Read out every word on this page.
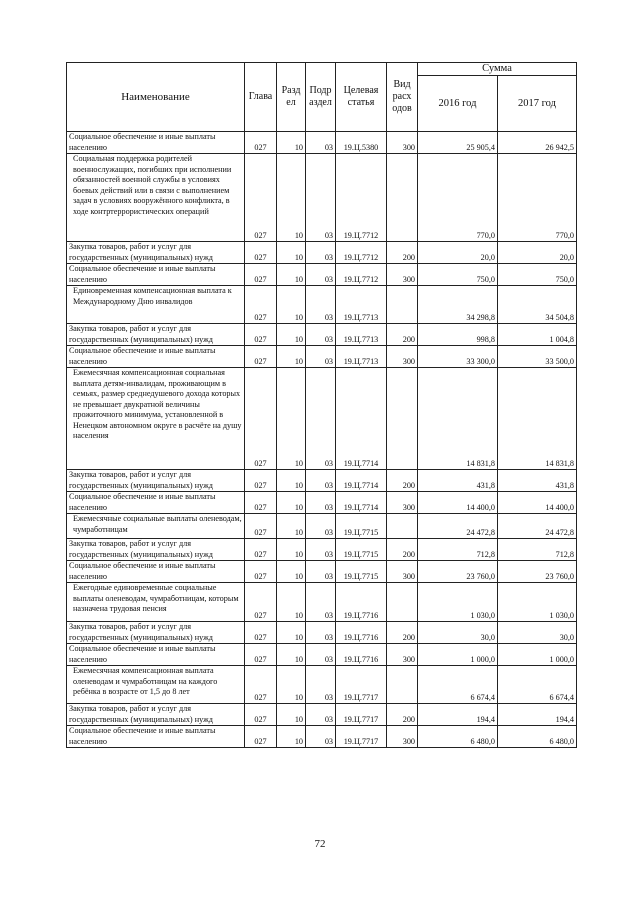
Наименование	Глава	Разд ел	Подр аздел	Целевая статья	Вид расх одов	Сумма	
						2016 год	2017 год

Социальное обеспечение и иные выплаты населению	027	10	03	19.Ц.5380	300	25 905,4	26 942,5

Социальная поддержка родителей военнослужащих, погибших при исполнении обязанностей военной службы в условиях боевых действий или в связи с выполнением задач в условиях вооружённого конфликта, в ходе контртеррористических операций	027	10	03	19.Ц.7712		770,0	770,0

Закупка товаров, работ и услуг для государственных (муниципальных) нужд	027	10	03	19.Ц.7712	200	20,0	20,0

Социальное обеспечение и иные выплаты населению	027	10	03	19.Ц.7712	300	750,0	750,0

Единовременная компенсационная выплата к Международному Дню инвалидов	027	10	03	19.Ц.7713		34 298,8	34 504,8

Закупка товаров, работ и услуг для государственных (муниципальных) нужд	027	10	03	19.Ц.7713	200	998,8	1 004,8

Социальное обеспечение и иные выплаты населению	027	10	03	19.Ц.7713	300	33 300,0	33 500,0

Ежемесячная компенсационная социальная выплата детям-инвалидам, проживающим в семьях, размер среднедушевого дохода которых не превышает двукратной величины прожиточного минимума, установленной в Ненецком автономном округе в расчёте на душу населения	027	10	03	19.Ц.7714		14 831,8	14 831,8

Закупка товаров, работ и услуг для государственных (муниципальных) нужд	027	10	03	19.Ц.7714	200	431,8	431,8

Социальное обеспечение и иные выплаты населению	027	10	03	19.Ц.7714	300	14 400,0	14 400,0

Ежемесячные социальные выплаты оленеводам, чумработницам	027	10	03	19.Ц.7715		24 472,8	24 472,8

Закупка товаров, работ и услуг для государственных (муниципальных) нужд	027	10	03	19.Ц.7715	200	712,8	712,8

Социальное обеспечение и иные выплаты населению	027	10	03	19.Ц.7715	300	23 760,0	23 760,0

Ежегодные единовременные социальные выплаты оленеводам, чумработницам, которым назначена трудовая пенсия	027	10	03	19.Ц.7716		1 030,0	1 030,0

Закупка товаров, работ и услуг для государственных (муниципальных) нужд	027	10	03	19.Ц.7716	200	30,0	30,0

Социальное обеспечение и иные выплаты населению	027	10	03	19.Ц.7716	300	1 000,0	1 000,0

Ежемесячная компенсационная выплата оленеводам и чумработницам на каждого ребёнка в возрасте от 1,5 до 8 лет	027	10	03	19.Ц.7717		6 674,4	6 674,4

Закупка товаров, работ и услуг для государственных (муниципальных) нужд	027	10	03	19.Ц.7717	200	194,4	194,4

Социальное обеспечение и иные выплаты населению	027	10	03	19.Ц.7717	300	6 480,0	6 480,0
72
